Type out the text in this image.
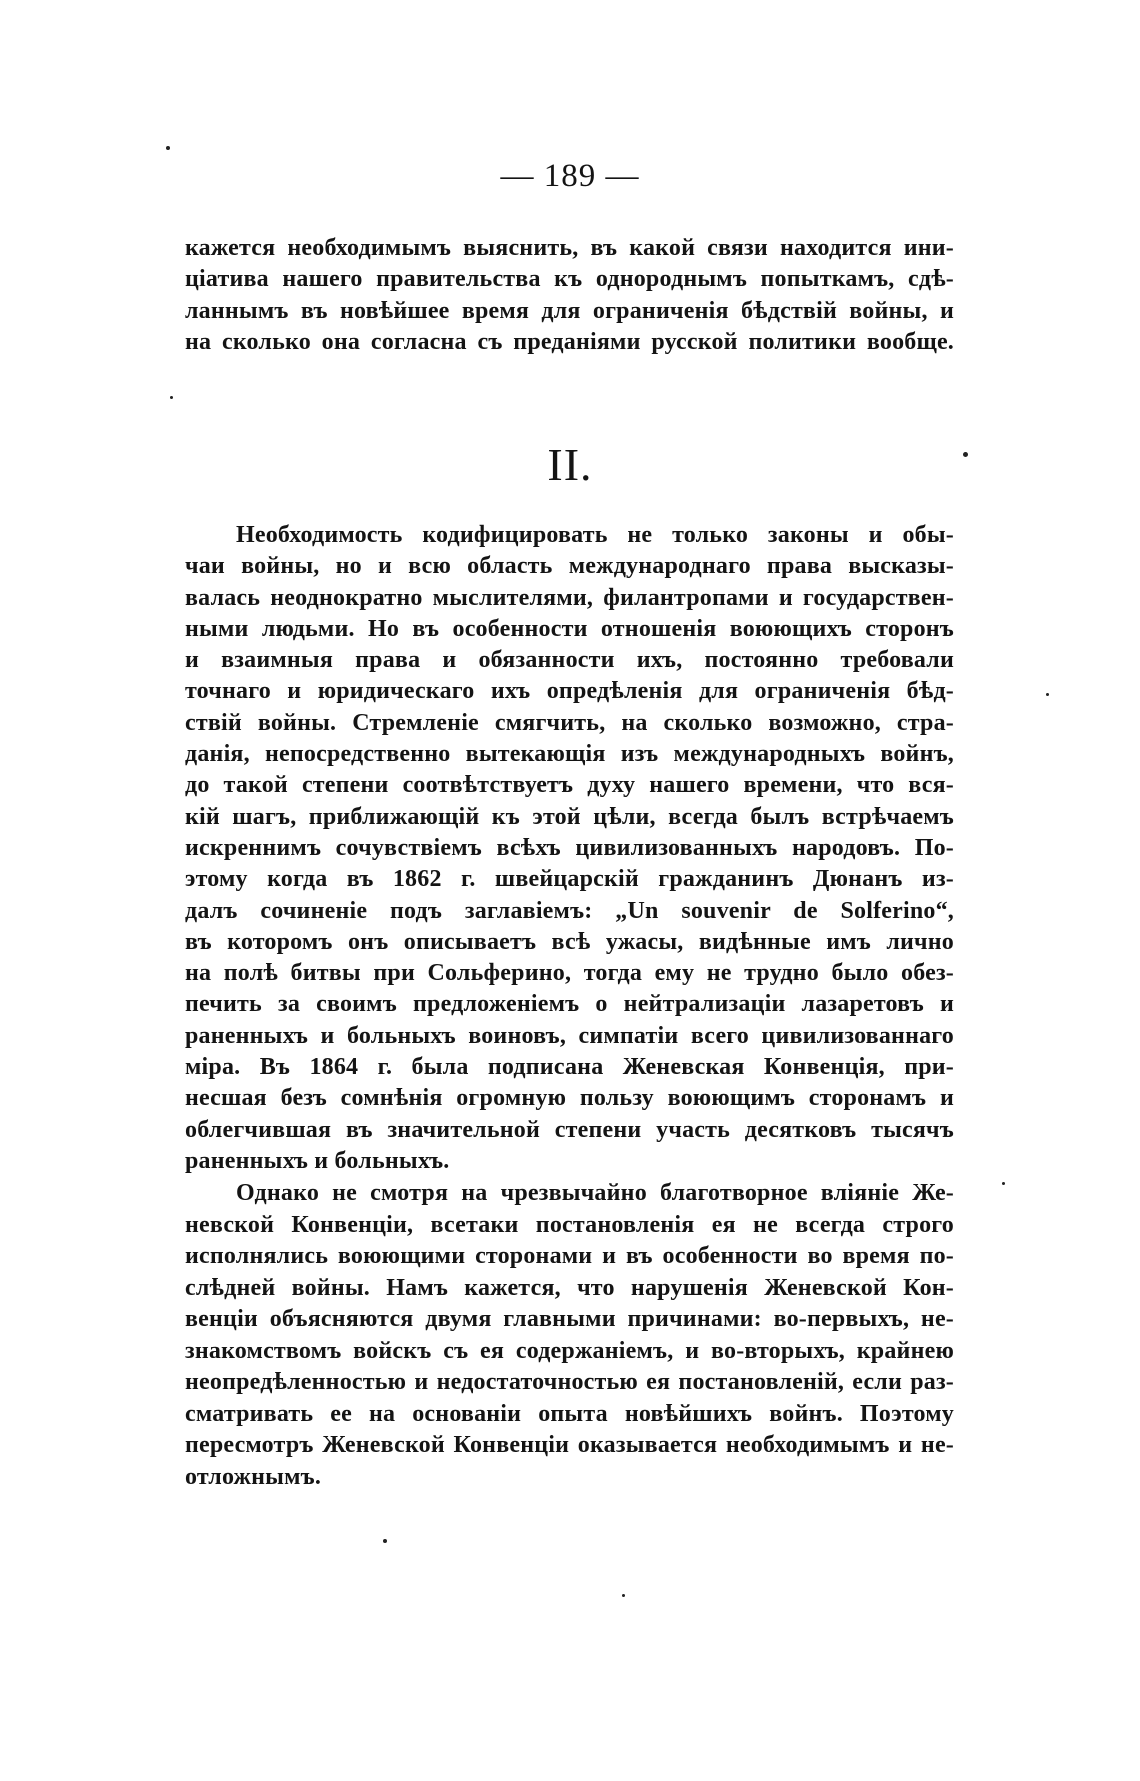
— 189 —
кажется необходимымъ выяснить, въ какой связи находится ини-
ціатива нашего правительства къ однороднымъ попыткамъ, сдѣ-
ланнымъ въ новѣйшее время для ограниченія бѣдствій войны, и
на сколько она согласна съ преданіями русской политики вообще.
II.
Необходимость кодифицировать не только законы и обы-
чаи войны, но и всю область международнаго права высказы-
валась неоднократно мыслителями, филантропами и государствен-
ными людьми. Но въ особенности отношенія воюющихъ сторонъ
и взаимныя права и обязанности ихъ, постоянно требовали
точнаго и юридическаго ихъ опредѣленія для ограниченія бѣд-
ствій войны. Стремленіе смягчить, на сколько возможно, стра-
данія, непосредственно вытекающія изъ международныхъ войнъ,
до такой степени соотвѣтствуетъ духу нашего времени, что вся-
кій шагъ, приближающій къ этой цѣли, всегда былъ встрѣчаемъ
искреннимъ сочувствіемъ всѣхъ цивилизованныхъ народовъ. По-
этому когда въ 1862 г. швейцарскій гражданинъ Дюнанъ из-
далъ сочиненіе подъ заглавіемъ: „Un souvenir de Solferino“,
въ которомъ онъ описываетъ всѣ ужасы, видѣнные имъ лично
на полѣ битвы при Сольферино, тогда ему не трудно было обез-
печить за своимъ предложеніемъ о нейтрализаціи лазаретовъ и
раненныхъ и больныхъ воиновъ, симпатіи всего цивилизованнаго
міра. Въ 1864 г. была подписана Женевская Конвенція, при-
несшая безъ сомнѣнія огромную пользу воюющимъ сторонамъ и
облегчившая въ значительной степени участь десятковъ тысячъ
раненныхъ и больныхъ.
Однако не смотря на чрезвычайно благотворное вліяніе Же-
невской Конвенціи, всетаки постановленія ея не всегда строго
исполнялись воюющими сторонами и въ особенности во время по-
слѣдней войны. Намъ кажется, что нарушенія Женевской Кон-
венціи объясняются двумя главными причинами: во-первыхъ, не-
знакомствомъ войскъ съ ея содержаніемъ, и во-вторыхъ, крайнею
неопредѣленностью и недостаточностью ея постановленій, если раз-
сматривать ее на основаніи опыта новѣйшихъ войнъ. Поэтому
пересмотръ Женевской Конвенціи оказывается необходимымъ и не-
отложнымъ.
